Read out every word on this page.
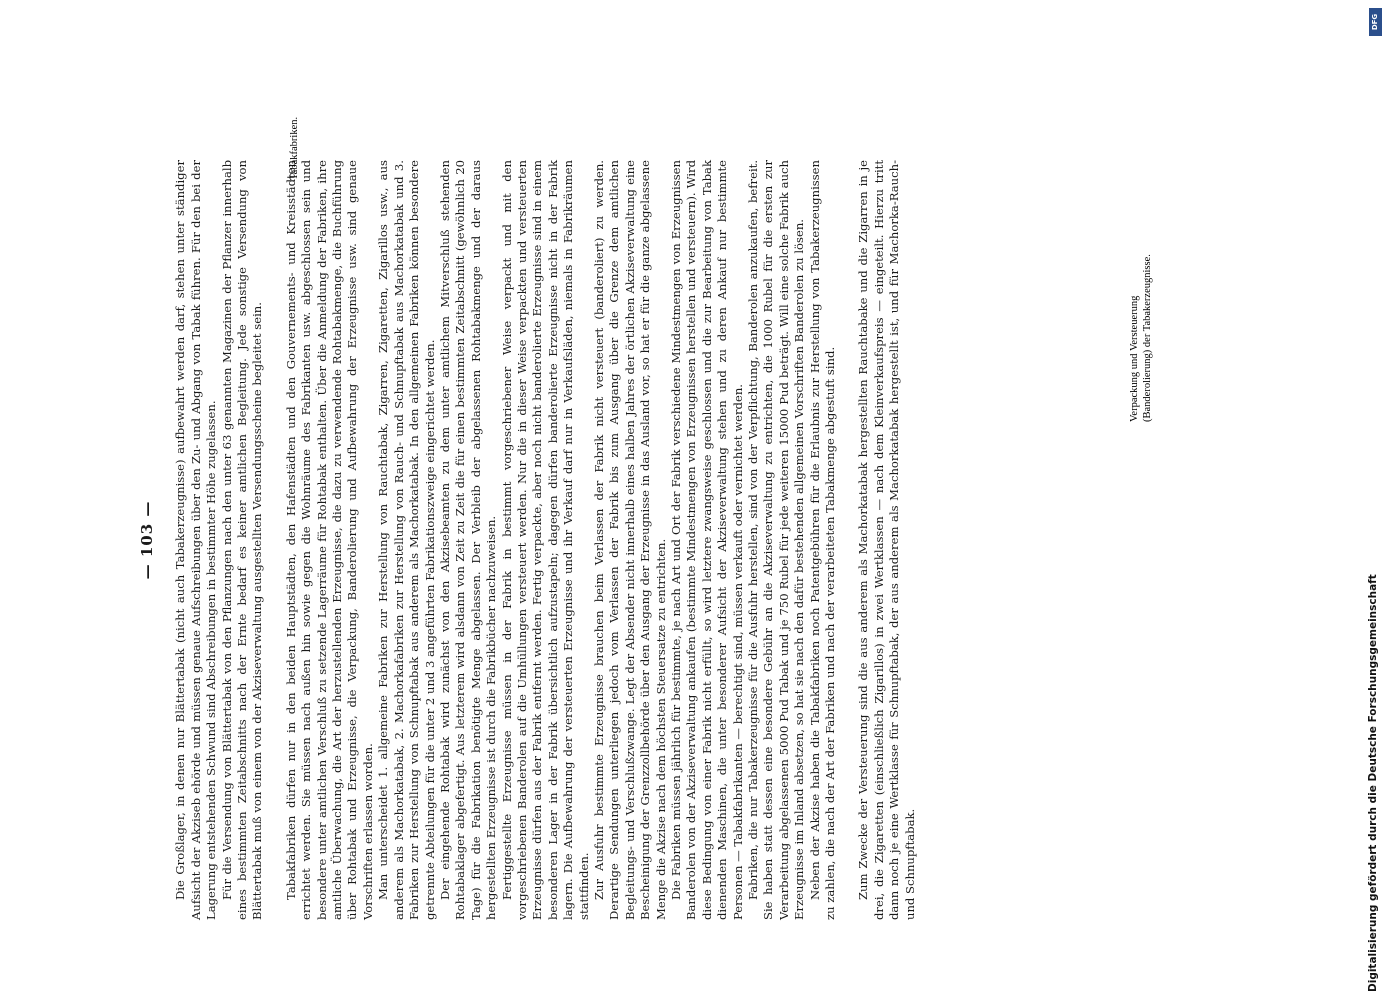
— 103 — Die Großlager, in denen nur Blättertabak (nicht auch Tabakerzeugnisse) aufbewahrt werden darf, stehen unter ständiger Aufsicht der Akziseb ehörde und müssen genaue Aufschreibungen über den Zu- und Abgang von Tabak führen. Für den bei der Lagerung entstehenden Schwund sind Abschreibungen in bestimmter Höhe zugelassen. Für die Versendung von Blättertabak von den Pflanzungen nach den unter 63 genannten Magazinen der Pflanzer innerhalb eines bestimmten Zeitabschnitts nach der Ernte bedarf es keiner amtlichen Begleitung. Jede sonstige Versendung von Blättertabak muß von einem von der Akziseverwaltung ausgestellten Versendungsscheine begleitet sein. Tabakfabriken dürfen nur in den beiden Hauptstädten, den Hafenstädten und den Gouvernements- und Kreisstädten errichtet werden. Sie müssen nach außen hin sowie gegen die Wohnräume des Fabrikanten usw. abgeschlossen sein und besondere unter amtlichen Verschluß zu setzende Lagerräume für Rohtabak enthalten. Über die Anmeldung der Fabriken, ihre amtliche Überwachung, die Art der herzustellenden Erzeugnisse, die dazu zu verwendende Rohtabakmenge, die Buchführung über Rohtabak und Erzeugnisse, die Verpackung, Banderolierung und Aufbewahrung der Erzeugnisse usw. sind genaue Vorschriften erlassen worden. Man unterscheidet 1. allgemeine Fabriken zur Herstellung von Rauchtabak, Zigarren, Zigaretten, Zigarillos usw., aus anderem als Machorkatabak, 2. Machorkafabriken zur Herstellung von Rauch- und Schnupftabak aus Machorkatabak und 3. Fabriken zur Herstellung von Schnupftabak aus anderem als Machorkatabak. In den allgemeinen Fabriken können besondere getrennte Abteilungen für die unter 2 und 3 angeführten Fabrikationszweige eingerichtet werden. Der eingehende Rohtabak wird zunächst von den Akzisebeamten zu dem unter amtlichem Mitverschluß stehenden Rohtabaklager abgefertigt. Aus letzterem wird alsdann von Zeit zu Zeit die für einen bestimmten Zeitabschnitt (gewöhnlich 20 Tage) für die Fabrikation benötigte Menge abgelassen. Der Verbleib der abgelassenen Rohtabakmenge und der daraus hergestellten Erzeugnisse ist durch die Fabrikbücher nachzuweisen. Fertiggestellte Erzeugnisse müssen in der Fabrik in bestimmt vorgeschriebener Weise verpackt und mit den vorgeschriebenen Banderolen auf die Umhüllungen versteuert werden. Nur die in dieser Weise verpackten und versteuerten Erzeugnisse dürfen aus der Fabrik entfernt werden. Fertig verpackte, aber noch nicht banderolierte Erzeugnisse sind in einem besonderen Lager in der Fabrik übersichtlich aufzustapeln; dagegen dürfen banderolierte Erzeugnisse nicht in der Fabrik lagern. Die Aufbewahrung der versteuerten Erzeugnisse und ihr Verkauf darf nur in Verkaufsläden, niemals in Fabrikräumen stattfinden. Zur Ausfuhr bestimmte Erzeugnisse brauchen beim Verlassen der Fabrik nicht versteuert (banderoliert) zu werden. Derartige Sendungen unterliegen jedoch vom Verlassen der Fabrik bis zum Ausgang über die Grenze dem amtlichen Begleitungs- und Verschlußzwange. Legt der Absender nicht innerhalb eines halben Jahres der örtlichen Akziseverwaltung eine Bescheinigung der Grenzzollbehörde über den Ausgang der Erzeugnisse in das Ausland vor, so hat er für die ganze abgelassene Menge die Akzise nach dem höchsten Steuersatze zu entrichten. Die Fabriken müssen jährlich für bestimmte, je nach Art und Ort der Fabrik verschiedene Mindestmengen von Erzeugnissen Banderolen von der Akziseverwaltung ankaufen (bestimmte Mindestmengen von Erzeugnissen herstellen und versteuern). Wird diese Bedingung von einer Fabrik nicht erfüllt, so wird letztere zwangsweise geschlossen und die zur Bearbeitung von Tabak dienenden Maschinen, die unter besonderer Aufsicht der Akziseverwaltung stehen und zu deren Ankauf nur bestimmte Personen — Tabakfabrikanten — berechtigt sind, müssen verkauft oder vernichtet werden. Fabriken, die nur Tabakerzeugnisse für die Ausfuhr herstellen, sind von der Verpflichtung, Banderolen anzukaufen, befreit. Sie haben statt dessen eine besondere Gebühr an die Akziseverwaltung zu entrichten, die 1000 Rubel für die ersten zur Verarbeitung abgelassenen 5000 Pud Tabak und je 750 Rubel für jede weiteren 15000 Pud beträgt. Will eine solche Fabrik auch Erzeugnisse im Inland absetzen, so hat sie nach den dafür bestehenden allgemeinen Vorschriften Banderolen zu lösen. Neben der Akzise haben die Tabakfabriken noch Patentgebühren für die Erlaubnis zur Herstellung von Tabakerzeugnissen zu zahlen, die nach der Art der Fabriken und nach der verarbeiteten Tabakmenge abgestuft sind. Zum Zwecke der Versteuerung sind die aus anderem als Machorkatabak hergestellten Rauchtabake und die Zigarren in je drei, die Zigaretten (einschließlich Zigarillos) in zwei Wertklassen — nach dem Kleinverkaufspreis — eingeteilt. Hierzu tritt dann noch je eine Wertklasse für Schnupftabak, der aus anderem als Machorkatabak hergestellt ist, und für Machorka-Rauch- und Schnupftabak.

Tabakfabriken.
Verpackung und Versteuerung (Banderolierung) der Tabakerzeugnisse.
Digitalisierung gefördert durch die Deutsche Forschungsgemeinschaft
DFG
